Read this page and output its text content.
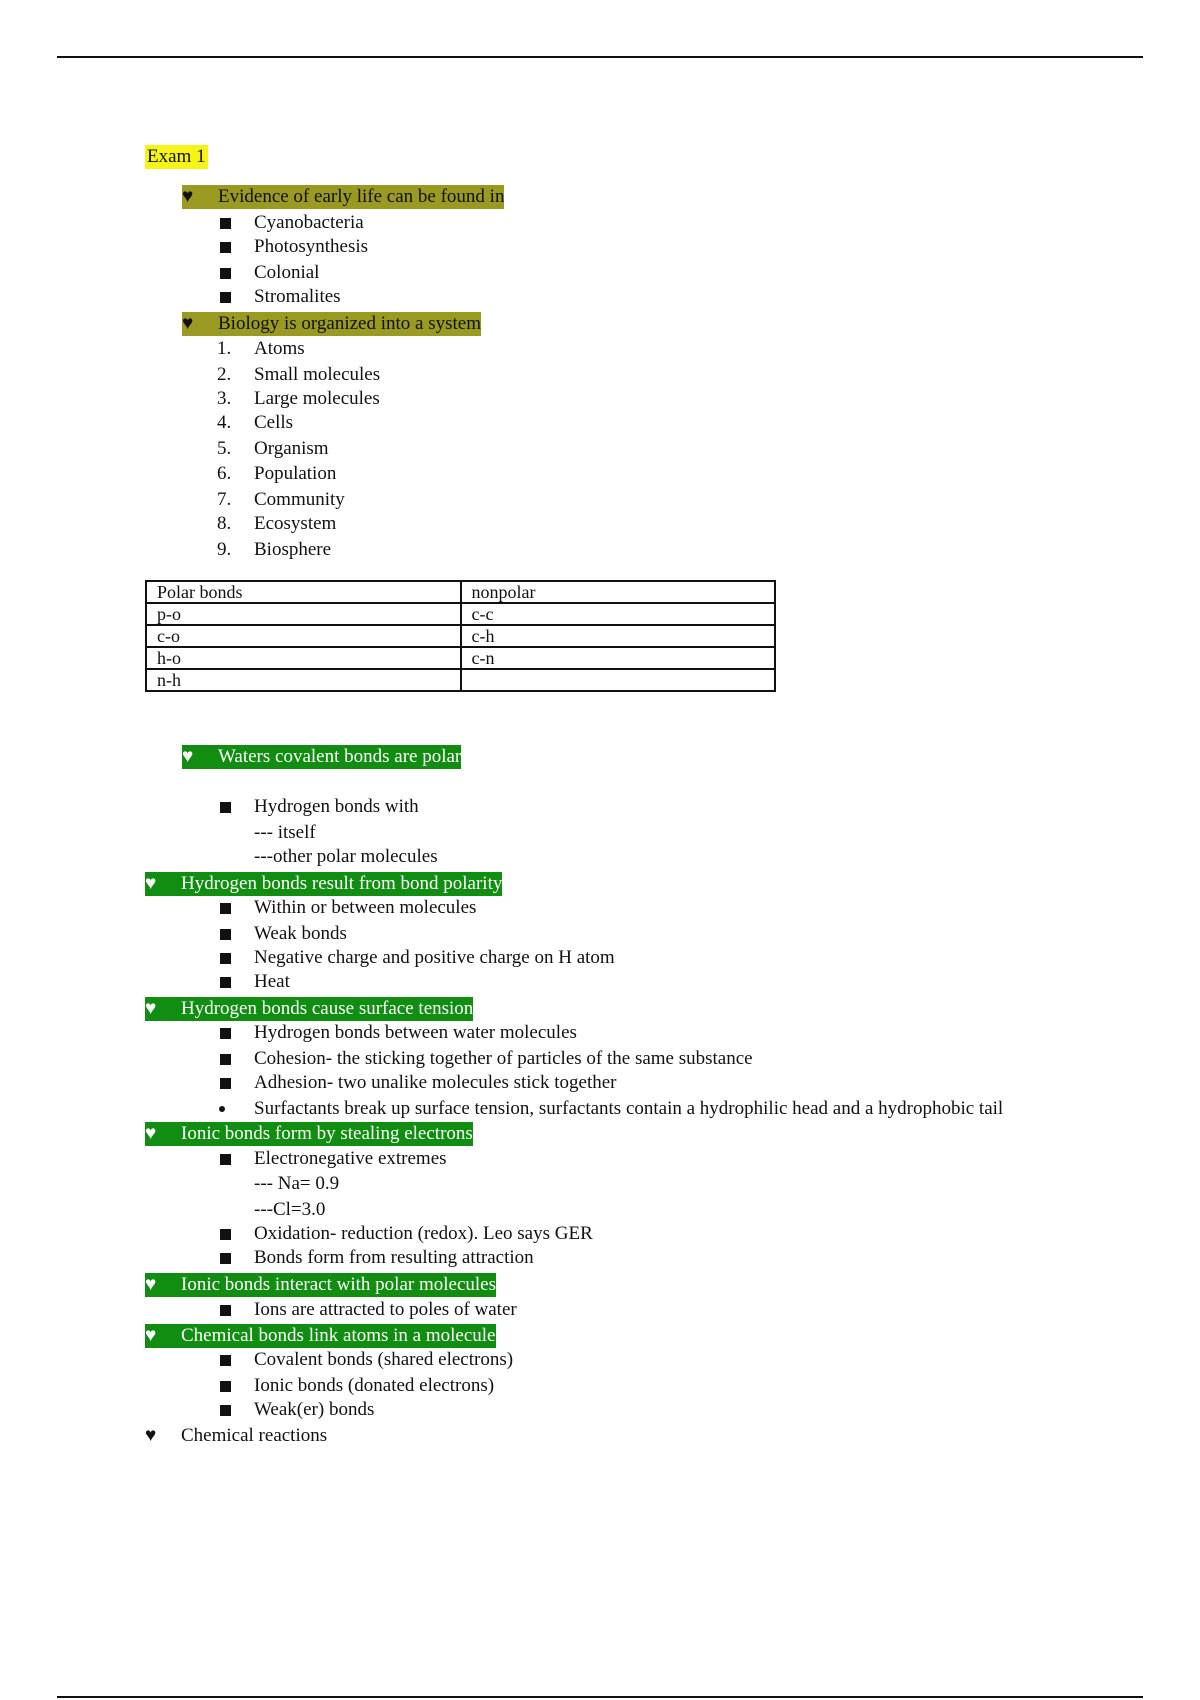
Exam 1
♥ Evidence of early life can be found in
Cyanobacteria
Photosynthesis
Colonial
Stromalites
♥ Biology is organized into a system
1.	Atoms
2.	Small molecules
3.	Large molecules
4.	Cells
5.	Organism
6.	Population
7.	Community
8.	Ecosystem
9.	Biosphere
Polar bonds	nonpolar
p-o	c-c
c-o	c-h
h-o	c-n
n-h	
♥ Waters covalent bonds are polar
Hydrogen bonds with
--- itself
---other polar molecules
♥ Hydrogen bonds result from bond polarity
Within or between molecules
Weak bonds
Negative charge and positive charge on H atom
Heat
♥ Hydrogen bonds cause surface tension
Hydrogen bonds between water molecules
Cohesion- the sticking together of particles of the same substance
Adhesion- two unalike molecules stick together
Surfactants break up surface tension, surfactants contain a hydrophilic head and a hydrophobic tail
♥ Ionic bonds form by stealing electrons
Electronegative extremes
--- Na= 0.9
---Cl=3.0
Oxidation- reduction (redox). Leo says GER
Bonds form from resulting attraction
♥ Ionic bonds interact with polar molecules
Ions are attracted to poles of water
♥ Chemical bonds link atoms in a molecule
Covalent bonds (shared electrons)
Ionic bonds (donated electrons)
Weak(er) bonds
♥ Chemical reactions
